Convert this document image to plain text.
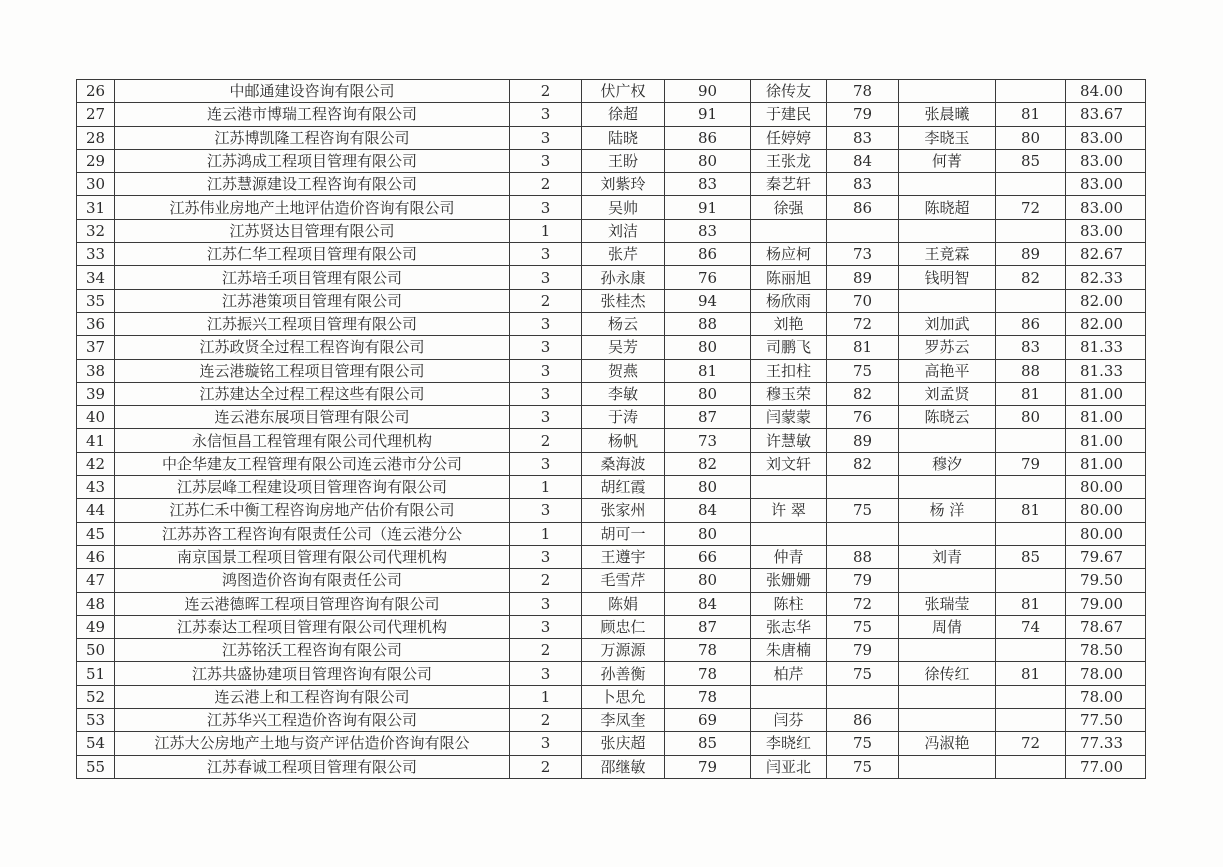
26	中邮通建设咨询有限公司	2	伏广权	90	徐传友	78			84.00
27	连云港市博瑞工程咨询有限公司	3	徐超	91	于建民	79	张晨曦	81	83.67
28	江苏博凯隆工程咨询有限公司	3	陆晓	86	任婷婷	83	李晓玉	80	83.00
29	江苏鸿成工程项目管理有限公司	3	王盼	80	王张龙	84	何菁	85	83.00
30	江苏慧源建设工程咨询有限公司	2	刘紫玲	83	秦艺轩	83			83.00
31	江苏伟业房地产土地评估造价咨询有限公司	3	吴帅	91	徐强	86	陈晓超	72	83.00
32	江苏贤达目管理有限公司	1	刘洁	83					83.00
33	江苏仁华工程项目管理有限公司	3	张芹	86	杨应柯	73	王竟霖	89	82.67
34	江苏培壬项目管理有限公司	3	孙永康	76	陈丽旭	89	钱明智	82	82.33
35	江苏港策项目管理有限公司	2	张桂杰	94	杨欣雨	70			82.00
36	江苏振兴工程项目管理有限公司	3	杨云	88	刘艳	72	刘加武	86	82.00
37	江苏政贤全过程工程咨询有限公司	3	吴芳	80	司鹏飞	81	罗苏云	83	81.33
38	连云港璇铭工程项目管理有限公司	3	贺燕	81	王扣柱	75	高艳平	88	81.33
39	江苏建达全过程工程这些有限公司	3	李敏	80	穆玉荣	82	刘孟贤	81	81.00
40	连云港东展项目管理有限公司	3	于涛	87	闫蒙蒙	76	陈晓云	80	81.00
41	永信恒昌工程管理有限公司代理机构	2	杨帆	73	许慧敏	89			81.00
42	中企华建友工程管理有限公司连云港市分公司	3	桑海波	82	刘文轩	82	穆汐	79	81.00
43	江苏层峰工程建设项目管理咨询有限公司	1	胡红霞	80					80.00
44	江苏仁禾中衡工程咨询房地产估价有限公司	3	张家州	84	许 翠	75	杨 洋	81	80.00
45	江苏苏咨工程咨询有限责任公司（连云港分公	1	胡可一	80					80.00
46	南京国景工程项目管理有限公司代理机构	3	王遵宇	66	仲青	88	刘青	85	79.67
47	鸿图造价咨询有限责任公司	2	毛雪芹	80	张姗姗	79			79.50
48	连云港德晖工程项目管理咨询有限公司	3	陈娟	84	陈柱	72	张瑞莹	81	79.00
49	江苏泰达工程项目管理有限公司代理机构	3	顾忠仁	87	张志华	75	周倩	74	78.67
50	江苏铭沃工程咨询有限公司	2	万源源	78	朱唐楠	79			78.50
51	江苏共盛协建项目管理咨询有限公司	3	孙善衡	78	柏芹	75	徐传红	81	78.00
52	连云港上和工程咨询有限公司	1	卜思允	78					78.00
53	江苏华兴工程造价咨询有限公司	2	李凤奎	69	闫芬	86			77.50
54	江苏大公房地产土地与资产评估造价咨询有限公	3	张庆超	85	李晓红	75	冯淑艳	72	77.33
55	江苏春诚工程项目管理有限公司	2	邵继敏	79	闫亚北	75			77.00
